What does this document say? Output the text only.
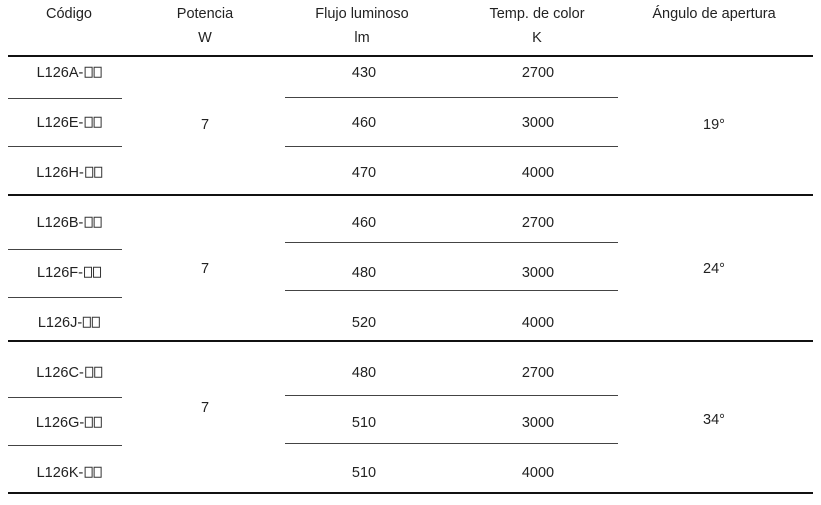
Código	Potencia
W
Flujo luminoso
lm
Temp. de color
K
Ángulo de apertura
L126A-
L126E-
L126H-
7
430
460
470
2700
3000
4000
19°
L126B-
L126F-
L126J-
7
460
480
520
2700
3000
4000
24°
L126C-
L126G-
L126K-
7
480
510
510
2700
3000
4000
34°
